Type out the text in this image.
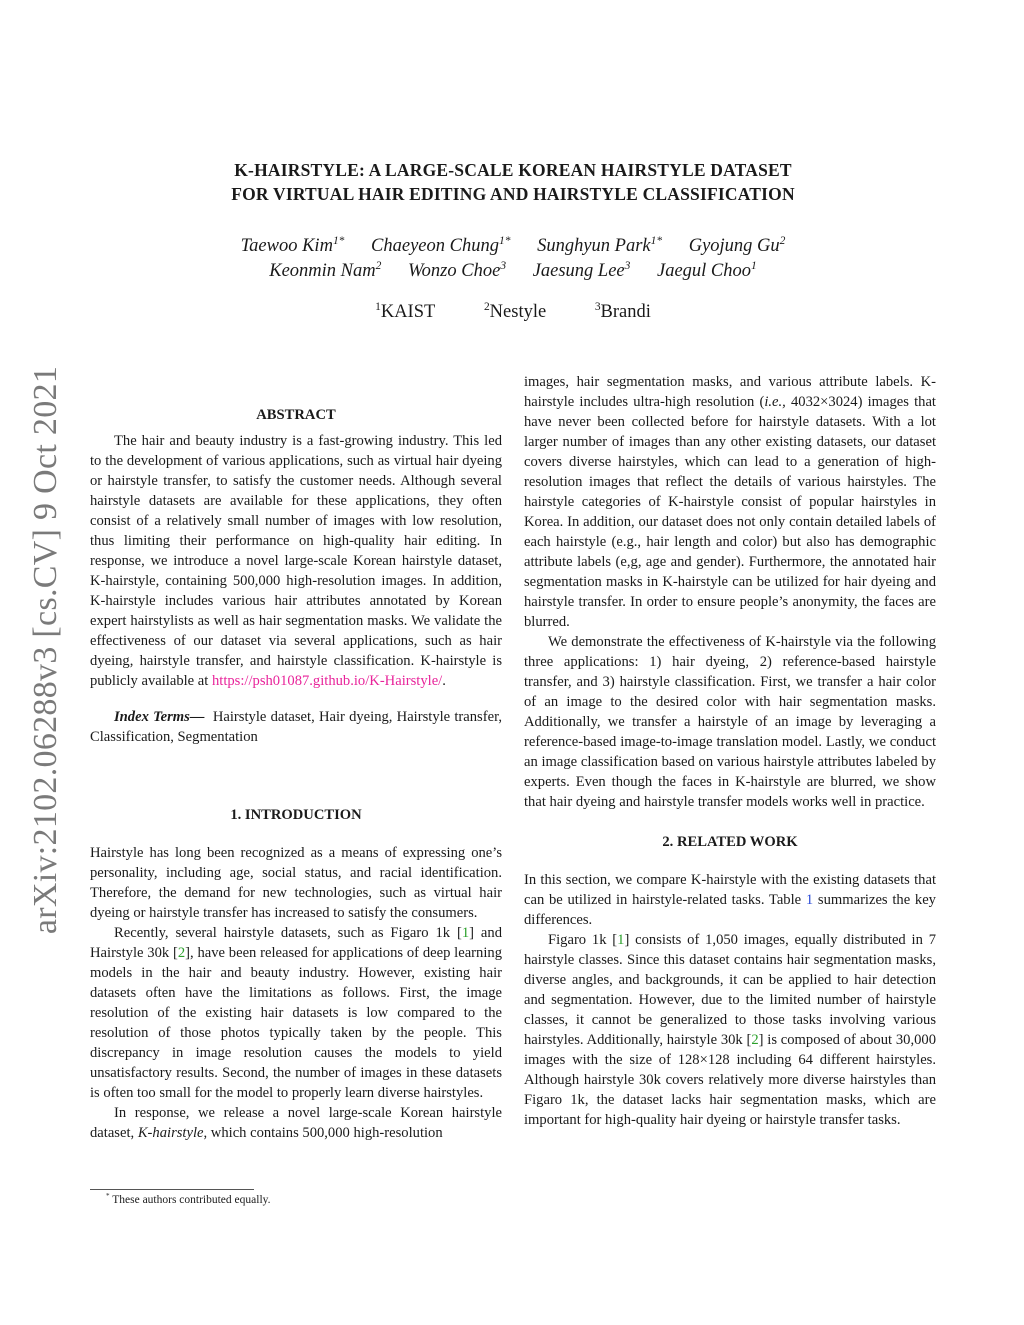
arXiv:2102.06288v3 [cs.CV] 9 Oct 2021
K-HAIRSTYLE: A LARGE-SCALE KOREAN HAIRSTYLE DATASET
FOR VIRTUAL HAIR EDITING AND HAIRSTYLE CLASSIFICATION
Taewoo Kim$^{1*}$ Chaeyeon Chung$^{1*}$ Sunghyun Park$^{1*}$ Gyojung Gu$^2$
Keonmin Nam$^2$ Wonzo Choe$^3$ Jaesung Lee$^3$ Jaegul Choo$^1$
$^1$KAIST	$^2$Nestyle	$^3$Brandi

ABSTRACT

The hair and beauty industry is a fast-growing industry. This led to the development of various applications, such as virtual hair dyeing or hairstyle transfer, to satisfy the customer needs. Although several hairstyle datasets are available for these applications, they often consist of a relatively small number of images with low resolution, thus limiting their performance on high-quality hair editing. In response, we introduce a novel large-scale Korean hairstyle dataset, K-hairstyle, containing 500,000 high-resolution images. In addition, K-hairstyle includes various hair attributes annotated by Korean expert hairstylists as well as hair segmentation masks. We validate the effectiveness of our dataset via several applications, such as hair dyeing, hairstyle transfer, and hairstyle classification. K-hairstyle is publicly available at https://psh01087.github.io/K-Hairstyle/.

Index Terms— Hairstyle dataset, Hair dyeing, Hairstyle transfer, Classification, Segmentation

1. INTRODUCTION

Hairstyle has long been recognized as a means of expressing one’s personality, including age, social status, and racial identification. Therefore, the demand for new technologies, such as virtual hair dyeing or hairstyle transfer has increased to satisfy the consumers.

Recently, several hairstyle datasets, such as Figaro 1k [1] and Hairstyle 30k [2], have been released for applications of deep learning models in the hair and beauty industry. However, existing hair datasets often have the limitations as follows. First, the image resolution of the existing hair datasets is low compared to the resolution of those photos typically taken by the people. This discrepancy in image resolution causes the models to yield unsatisfactory results. Second, the number of images in these datasets is often too small for the model to properly learn diverse hairstyles.

In response, we release a novel large-scale Korean hairstyle dataset, K-hairstyle, which contains 500,000 high-resolution

images, hair segmentation masks, and various attribute labels. K-hairstyle includes ultra-high resolution (i.e., 4032×3024) images that have never been collected before for hairstyle datasets. With a lot larger number of images than any other existing datasets, our dataset covers diverse hairstyles, which can lead to a generation of high-resolution images that reflect the details of various hairstyles. The hairstyle categories of K-hairstyle consist of popular hairstyles in Korea. In addition, our dataset does not only contain detailed labels of each hairstyle (e.g., hair length and color) but also has demographic attribute labels (e,g, age and gender). Furthermore, the annotated hair segmentation masks in K-hairstyle can be utilized for hair dyeing and hairstyle transfer. In order to ensure people’s anonymity, the faces are blurred.

We demonstrate the effectiveness of K-hairstyle via the following three applications: 1) hair dyeing, 2) reference-based hairstyle transfer, and 3) hairstyle classification. First, we transfer a hair color of an image to the desired color with hair segmentation masks. Additionally, we transfer a hairstyle of an image by leveraging a reference-based image-to-image translation model. Lastly, we conduct an image classification based on various hairstyle attributes labeled by experts. Even though the faces in K-hairstyle are blurred, we show that hair dyeing and hairstyle transfer models works well in practice.

2. RELATED WORK

In this section, we compare K-hairstyle with the existing datasets that can be utilized in hairstyle-related tasks. Table 1 summarizes the key differences.

Figaro 1k [1] consists of 1,050 images, equally distributed in 7 hairstyle classes. Since this dataset contains hair segmentation masks, diverse angles, and backgrounds, it can be applied to hair detection and segmentation. However, due to the limited number of hairstyle classes, it cannot be generalized to those tasks involving various hairstyles. Additionally, hairstyle 30k [2] is composed of about 30,000 images with the size of 128×128 including 64 different hairstyles. Although hairstyle 30k covers relatively more diverse hairstyles than Figaro 1k, the dataset lacks hair segmentation masks, which are important for high-quality hair dyeing or hairstyle transfer tasks.

* These authors contributed equally.
